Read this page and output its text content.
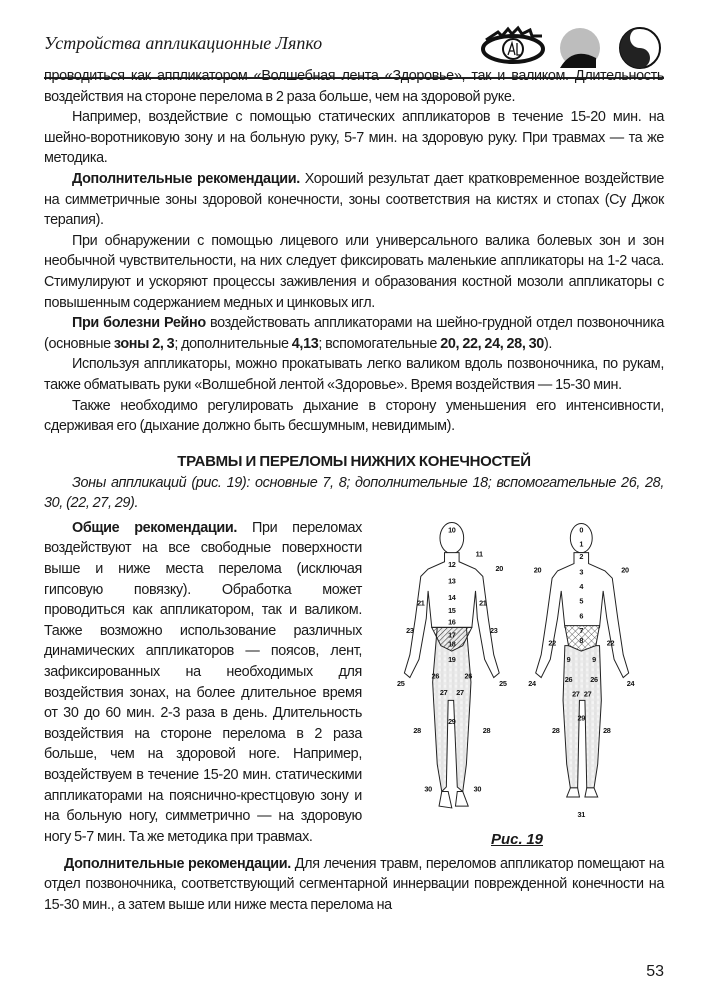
Устройства аппликационные Ляпко

проводиться как аппликатором «Волшебная лента «Здоровье», так и валиком. Длительность воздействия на стороне перелома в 2 раза больше, чем на здоровой руке.

Например, воздействие с помощью статических аппликаторов в течение 15-20 мин. на шейно-воротниковую зону и на больную руку, 5-7 мин. на здоровую руку. При травмах — та же методика.

Дополнительные рекомендации. Хороший результат дает кратковременное воздействие на симметричные зоны здоровой конечности, зоны соответствия на кистях и стопах (Су Джок терапия).

При обнаружении с помощью лицевого или универсального валика болевых зон и зон необычной чувствительности, на них следует фиксировать маленькие аппликаторы на 1-2 часа. Стимулируют и ускоряют процессы заживления и образования костной мозоли аппликаторы с повышенным содержанием медных и цинковых игл.

При болезни Рейно воздействовать аппликаторами на шейно-грудной отдел позвоночника (основные зоны 2, 3; дополнительные 4,13; вспомогательные 20, 22, 24, 28, 30).

Используя аппликаторы, можно прокатывать легко валиком вдоль позвоночника, по рукам, также обматывать руки «Волшебной лентой «Здоровье». Время воздействия — 15-30 мин.

Также необходимо регулировать дыхание в сторону уменьшения его интенсивности, сдерживая его (дыхание должно быть бесшумным, невидимым).

ТРАВМЫ И ПЕРЕЛОМЫ НИЖНИХ КОНЕЧНОСТЕЙ

Зоны аппликаций (рис. 19): основные 7, 8; дополнительные 18; вспомогательные 26, 28, 30, (22, 27, 29).

Общие рекомендации. При переломах воздействуют на все свободные поверхности выше и ниже места перелома (исключая гипсовую повязку). Обработка может проводиться как аппликатором, так и валиком. Также возможно использование различных динамических аппликаторов — поясов, лент, зафиксированных на необходимых для воздействия зонах, на более длительное время от 30 до 60 мин. 2-3 раза в день. Длительность воздействия на стороне перелома в 2 раза больше, чем на здоровой ноге. Например, воздействуем в течение 15-20 мин. статическими аппликаторами на пояснично-крестцовую зону и на больную ногу, симметрично — на здоровую ногу 5-7 мин. Та же методика при травмах.

10
11
12
13
14
15
16
17
18
19
20
21	21
23	23
25	25
26	26
27 27
28	28
29
30	30
0
1
2
3
4
5
6
7
8
9	9
20	20
22	22
24	24
26 26
27 27
28	28
29
31
Рис. 19

Дополнительные рекомендации. Для лечения травм, переломов аппликатор помещают на отдел позвоночника, соответствующий сегментарной иннервации поврежденной конечности на 15-30 мин., а затем выше или ниже места перелома на

53
